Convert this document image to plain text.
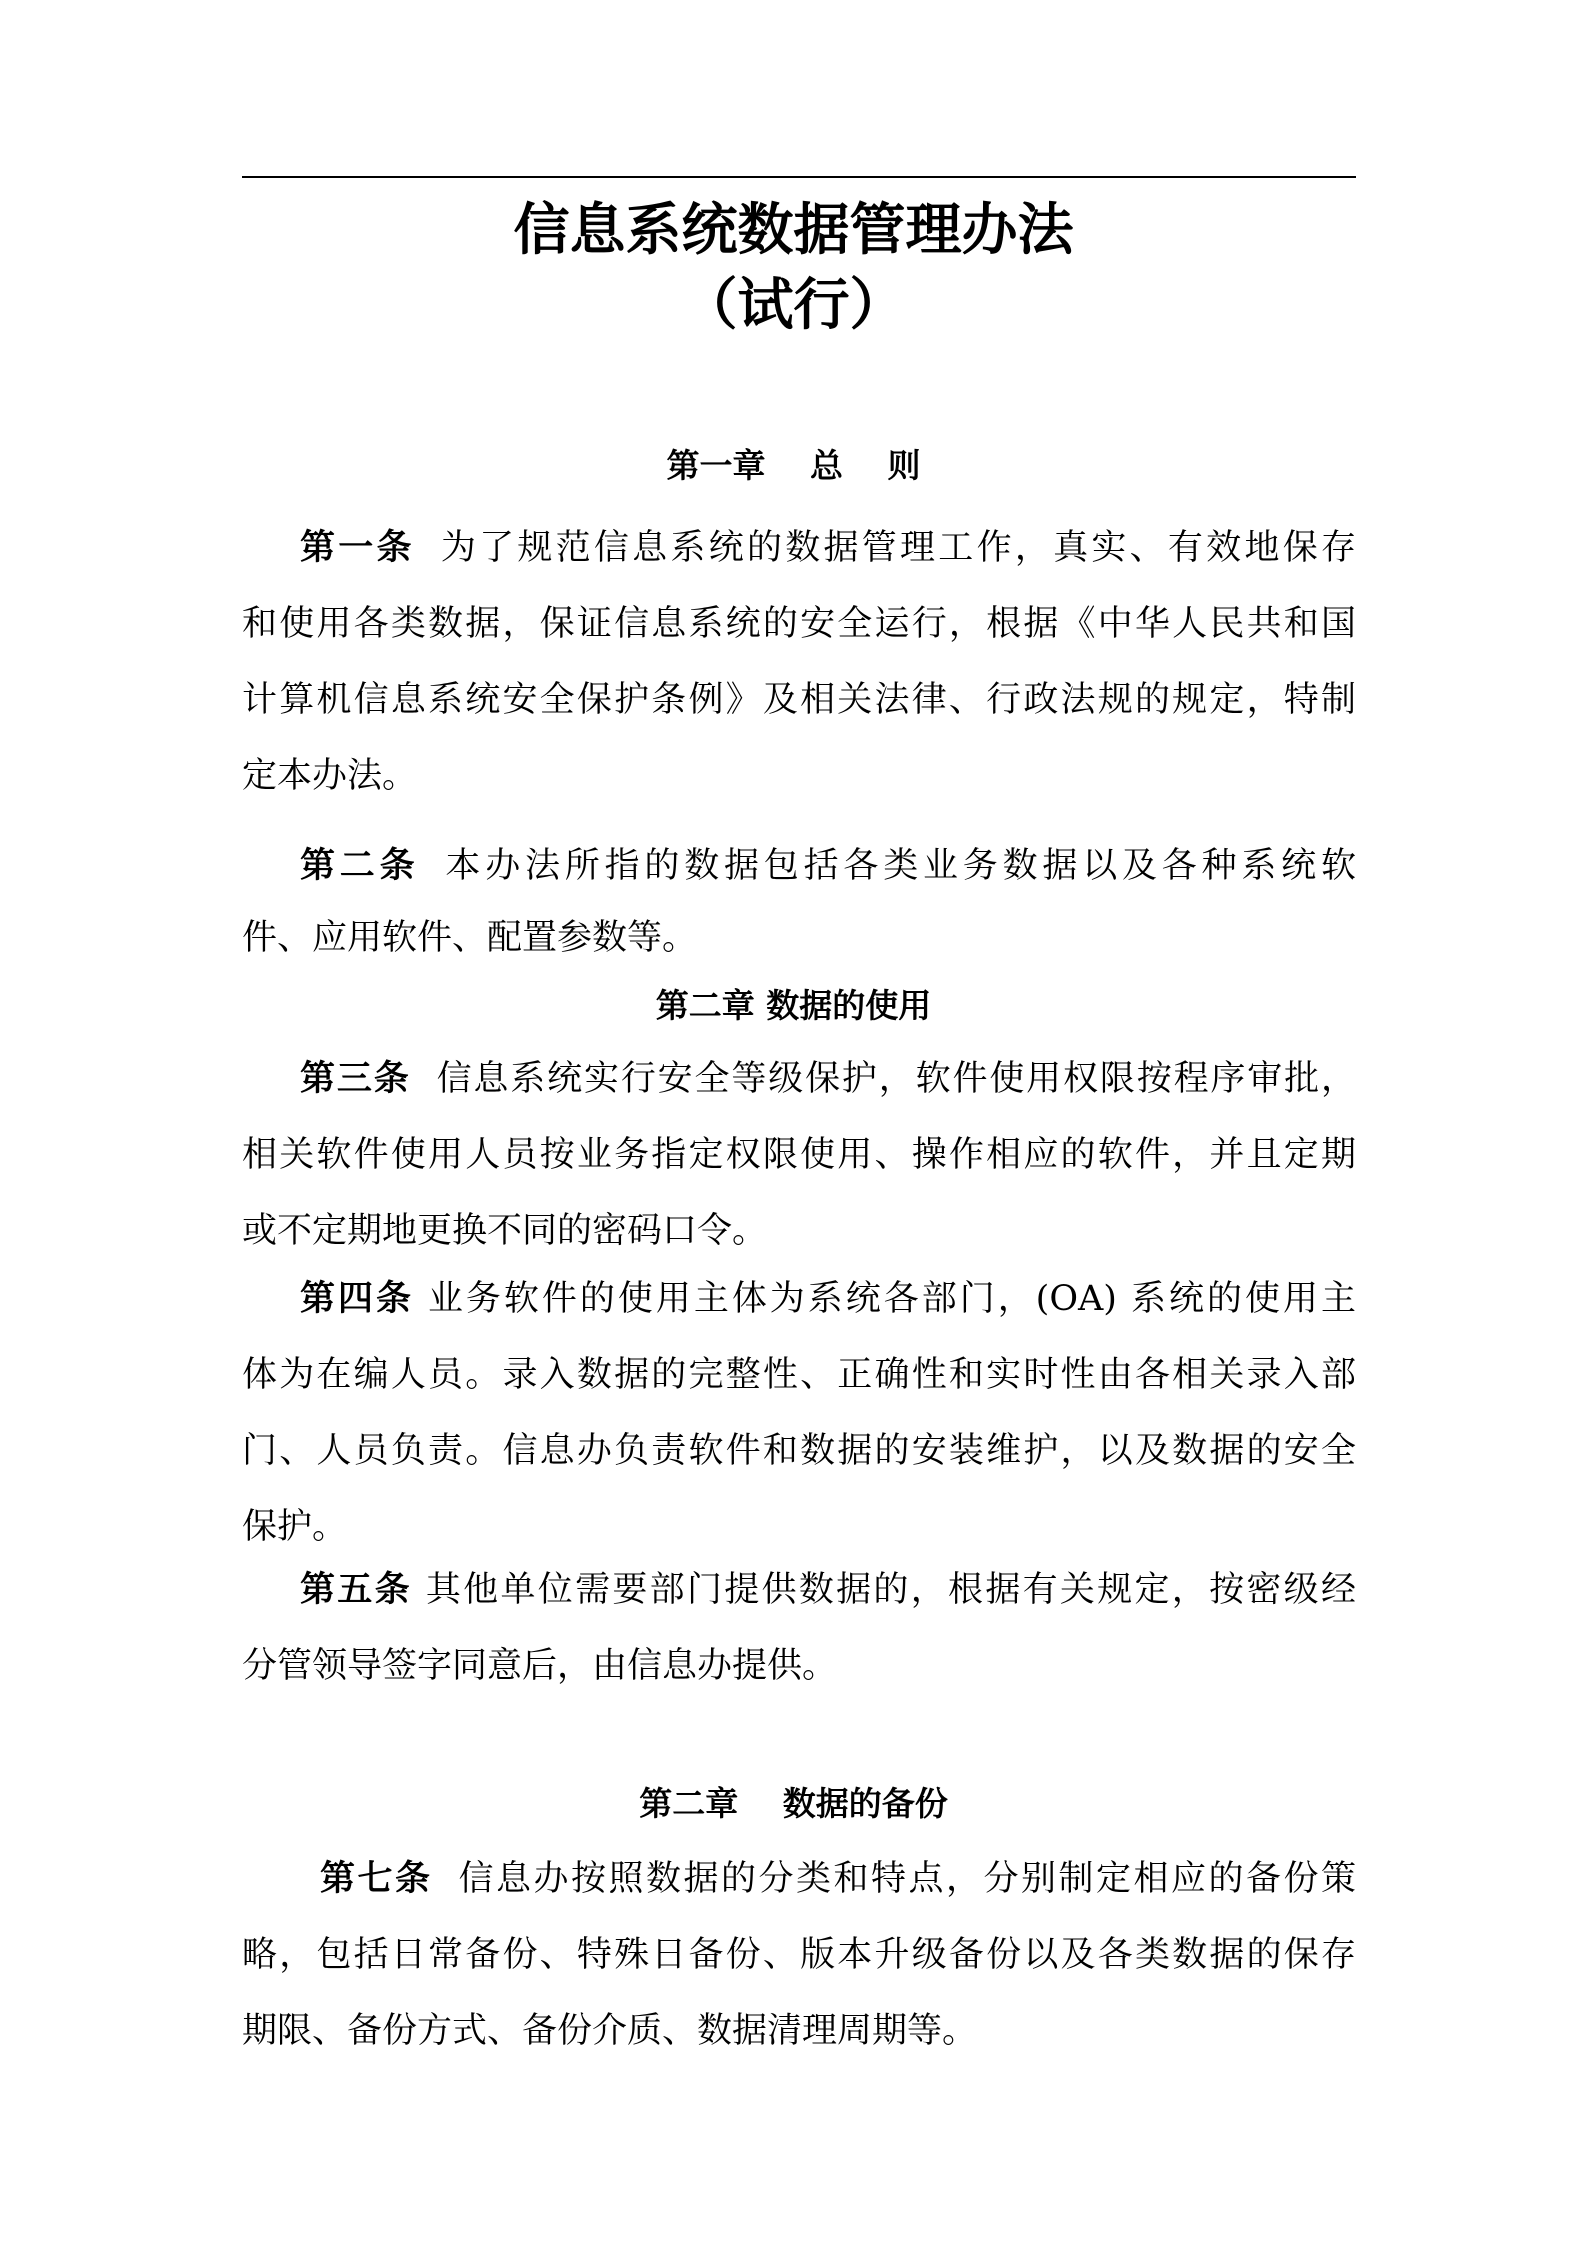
信息系统数据管理办法
（试行）
第一章　 总　 则
第一条 为了规范信息系统的数据管理工作，真实、有效地保存
和使用各类数据，保证信息系统的安全运行，根据《中华人民共和国
计算机信息系统安全保护条例》及相关法律、行政法规的规定，特制
定本办法。
第二条 本办法所指的数据包括各类业务数据以及各种系统软
件、应用软件、配置参数等。
第二章 数据的使用
第三条 信息系统实行安全等级保护，软件使用权限按程序审批，
相关软件使用人员按业务指定权限使用、操作相应的软件，并且定期
或不定期地更换不同的密码口令。
第四条 业务软件的使用主体为系统各部门，(OA) 系统的使用主
体为在编人员。录入数据的完整性、正确性和实时性由各相关录入部
门、人员负责。信息办负责软件和数据的安装维护，以及数据的安全
保护。
第五条 其他单位需要部门提供数据的，根据有关规定，按密级经
分管领导签字同意后，由信息办提供。
第二章　 数据的备份
第七条 信息办按照数据的分类和特点，分别制定相应的备份策
略，包括日常备份、特殊日备份、版本升级备份以及各类数据的保存
期限、备份方式、备份介质、数据清理周期等。
